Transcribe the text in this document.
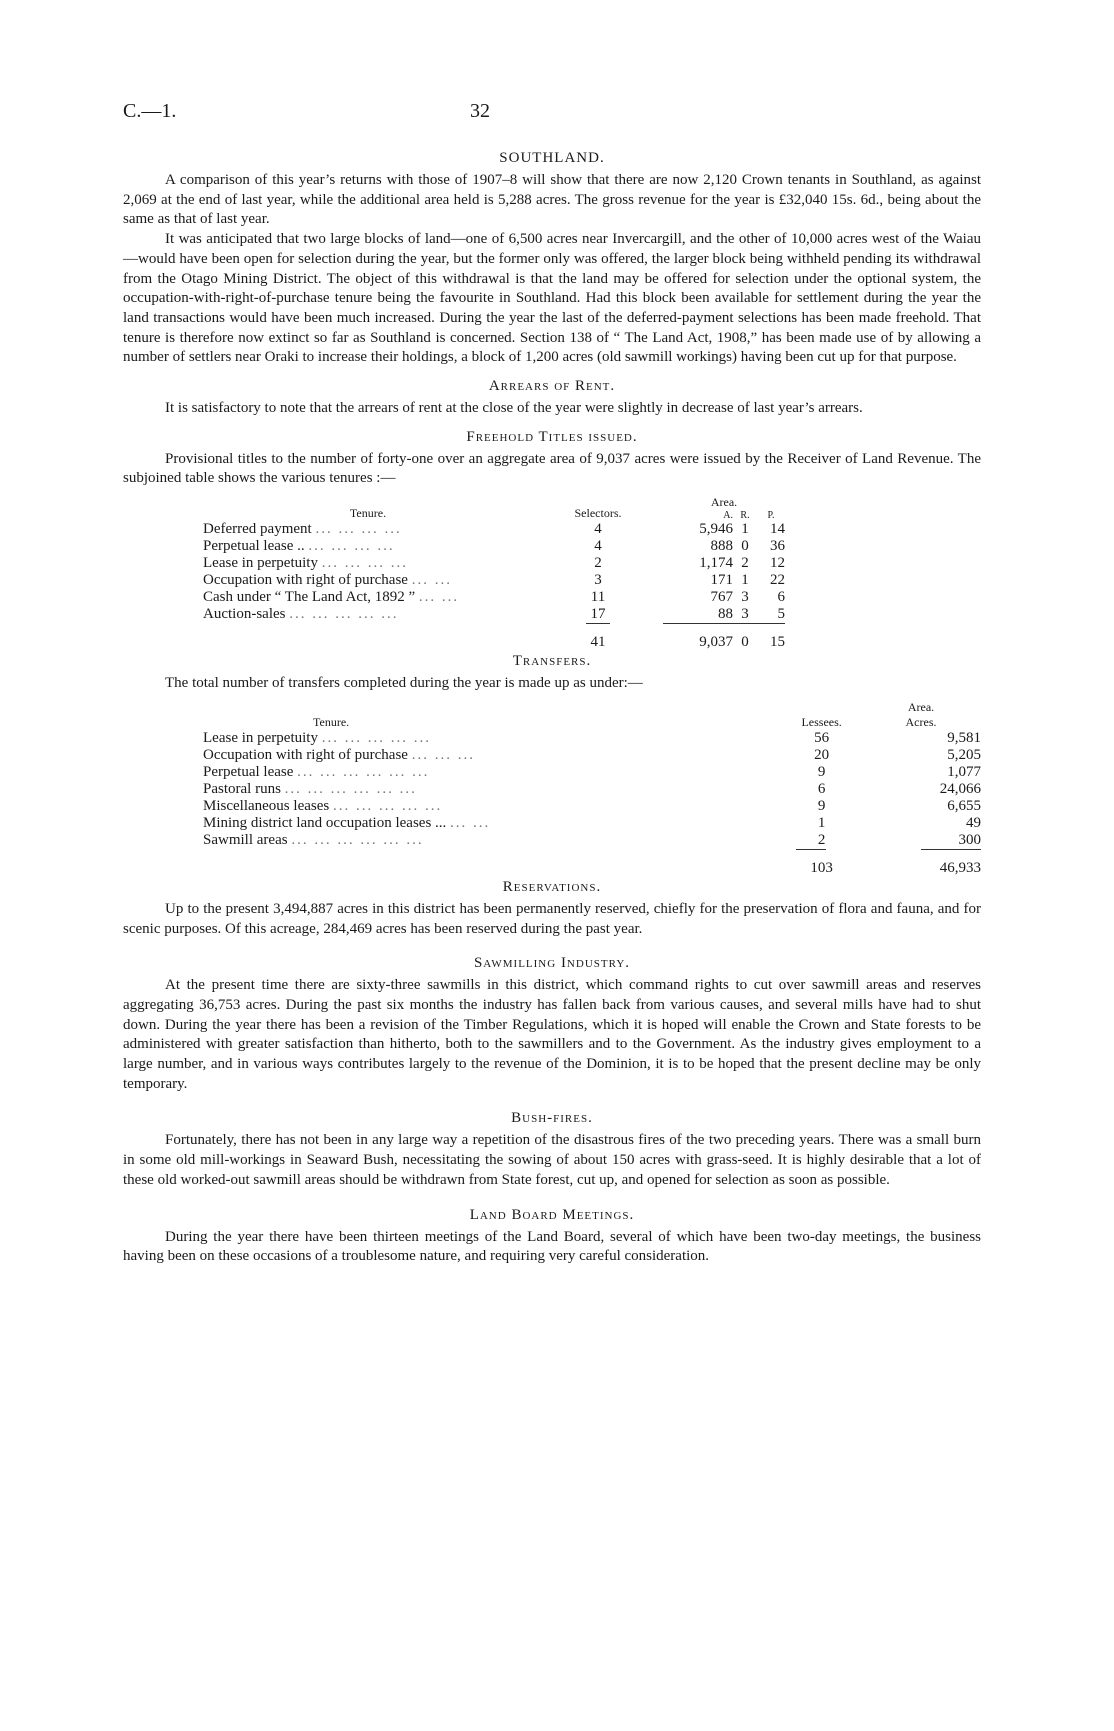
C.—1.	32
SOUTHLAND.

A comparison of this year’s returns with those of 1907–8 will show that there are now 2,120 Crown tenants in Southland, as against 2,069 at the end of last year, while the additional area held is 5,288 acres. The gross revenue for the year is £32,040 15s. 6d., being about the same as that of last year.

It was anticipated that two large blocks of land—one of 6,500 acres near Invercargill, and the other of 10,000 acres west of the Waiau—would have been open for selection during the year, but the former only was offered, the larger block being withheld pending its withdrawal from the Otago Mining District. The object of this withdrawal is that the land may be offered for selection under the optional system, the occupation-with-right-of-purchase tenure being the favourite in Southland. Had this block been available for settlement during the year the land transactions would have been much increased. During the year the last of the deferred-payment selections has been made freehold. That tenure is therefore now extinct so far as Southland is concerned. Section 138 of “ The Land Act, 1908,” has been made use of by allowing a number of settlers near Oraki to increase their holdings, a block of 1,200 acres (old sawmill workings) having been cut up for that purpose.

Arrears of Rent.

It is satisfactory to note that the arrears of rent at the close of the year were slightly in decrease of last year’s arrears.

Freehold Titles issued.

Provisional titles to the number of forty-one over an aggregate area of 9,037 acres were issued by the Receiver of Land Revenue. The subjoined table shows the various tenures :—

Tenure.	Selectors.	Area.		
		A.	R.	P.
Deferred payment ... ... ... ...	4	5,946	1	14
Perpetual lease .. ... ... ... ...	4	888	0	36
Lease in perpetuity ... ... ... ...	2	1,174	2	12
Occupation with right of purchase ... ...	3	171	1	22
Cash under “ The Land Act, 1892 ” ... ...	11	767	3	6
Auction-sales ... ... ... ... ...	17	88	3	5

	41	9,037	0	15
Transfers.

The total number of transfers completed during the year is made up as under:—

Tenure.	Lessees.	Area.
		Acres.
Lease in perpetuity ... ... ... ... ...	56	9,581
Occupation with right of purchase ... ... ...	20	5,205
Perpetual lease ... ... ... ... ... ...	9	1,077
Pastoral runs ... ... ... ... ... ...	6	24,066
Miscellaneous leases ... ... ... ... ...	9	6,655
Mining district land occupation leases ... ... ...	1	49
Sawmill areas ... ... ... ... ... ...	2	300

	103	46,933
Reservations.

Up to the present 3,494,887 acres in this district has been permanently reserved, chiefly for the preservation of flora and fauna, and for scenic purposes. Of this acreage, 284,469 acres has been reserved during the past year.

Sawmilling Industry.

At the present time there are sixty-three sawmills in this district, which command rights to cut over sawmill areas and reserves aggregating 36,753 acres. During the past six months the industry has fallen back from various causes, and several mills have had to shut down. During the year there has been a revision of the Timber Regulations, which it is hoped will enable the Crown and State forests to be administered with greater satisfaction than hitherto, both to the sawmillers and to the Government. As the industry gives employment to a large number, and in various ways contributes largely to the revenue of the Dominion, it is to be hoped that the present decline may be only temporary.

Bush-fires.

Fortunately, there has not been in any large way a repetition of the disastrous fires of the two preceding years. There was a small burn in some old mill-workings in Seaward Bush, necessitating the sowing of about 150 acres with grass-seed. It is highly desirable that a lot of these old worked-out sawmill areas should be withdrawn from State forest, cut up, and opened for selection as soon as possible.

Land Board Meetings.

During the year there have been thirteen meetings of the Land Board, several of which have been two-day meetings, the business having been on these occasions of a troublesome nature, and requiring very careful consideration.
